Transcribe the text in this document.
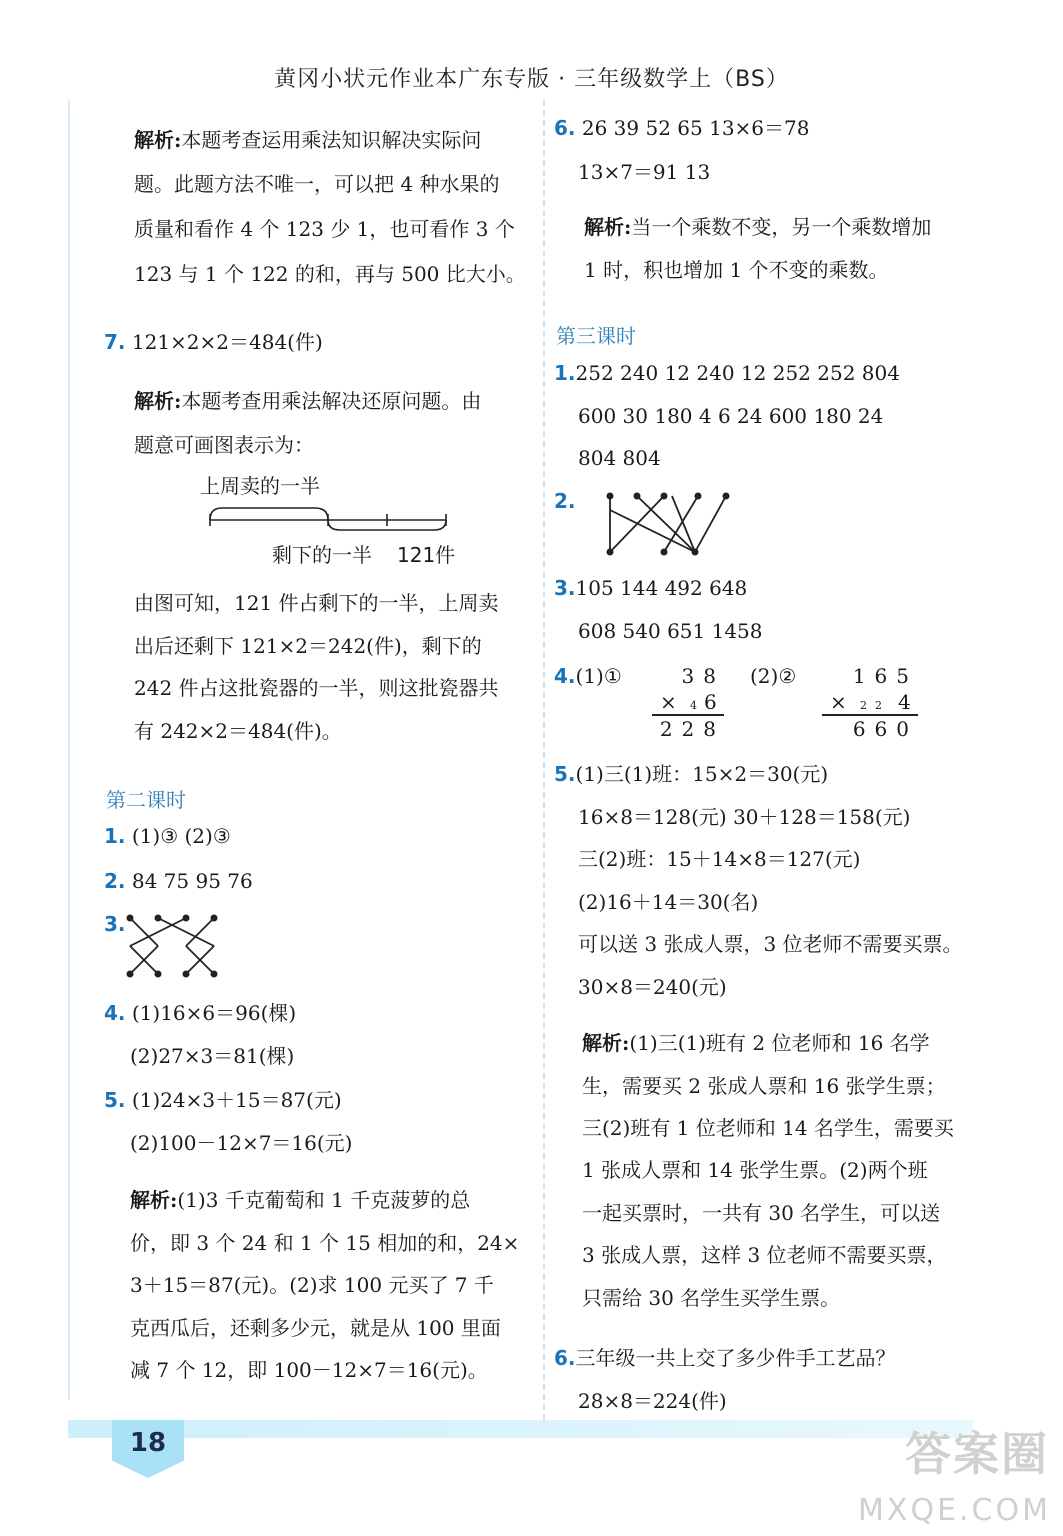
黄冈小状元作业本广东专版 · 三年级数学上（BS）
解析:本题考查运用乘法知识解决实际问
题。此题方法不唯一，可以把 4 种水果的
质量和看作 4 个 123 少 1，也可看作 3 个
123 与 1 个 122 的和，再与 500 比大小。
7. 121×2×2＝484(件)
解析:本题考查用乘法解决还原问题。由
题意可画图表示为：
上周卖的一半
剩下的一半 121件
由图可知，121 件占剩下的一半，上周卖
出后还剩下 121×2＝242(件)，剩下的
242 件占这批瓷器的一半，则这批瓷器共
有 242×2＝484(件)。
第二课时
1. (1)③ (2)③
2. 84 75 95 76
3.
4. (1)16×6＝96(棵)
(2)27×3＝81(棵)
5. (1)24×3＋15＝87(元)
(2)100－12×7＝16(元)
解析:(1)3 千克葡萄和 1 千克菠萝的总
价，即 3 个 24 和 1 个 15 相加的和，24×
3＋15＝87(元)。(2)求 100 元买了 7 千
克西瓜后，还剩多少元，就是从 100 里面
减 7 个 12，即 100－12×7＝16(元)。
6. 26 39 52 65 13×6＝78
13×7＝91 13
解析:当一个乘数不变，另一个乘数增加
1 时，积也增加 1 个不变的乘数。
第三课时
1.252 240 12 240 12 252 252 804
600 30 180 4 6 24 600 180 24
804 804
2.
3.105 144 492 648
608 540 651 1458
4.(1)①	38
× 4 6
228
(2)②	165
× 22 4
660
5.(1)三(1)班：15×2＝30(元)
16×8＝128(元) 30＋128＝158(元)
三(2)班：15＋14×8＝127(元)
(2)16＋14＝30(名)
可以送 3 张成人票，3 位老师不需要买票。
30×8＝240(元)
解析:(1)三(1)班有 2 位老师和 16 名学
生，需要买 2 张成人票和 16 张学生票；
三(2)班有 1 位老师和 14 名学生，需要买
1 张成人票和 14 张学生票。(2)两个班
一起买票时，一共有 30 名学生，可以送
3 张成人票，这样 3 位老师不需要买票，
只需给 30 名学生买学生票。
6.三年级一共上交了多少件手工艺品？
28×8＝224(件)
18	答案圈
MXQE.COM
